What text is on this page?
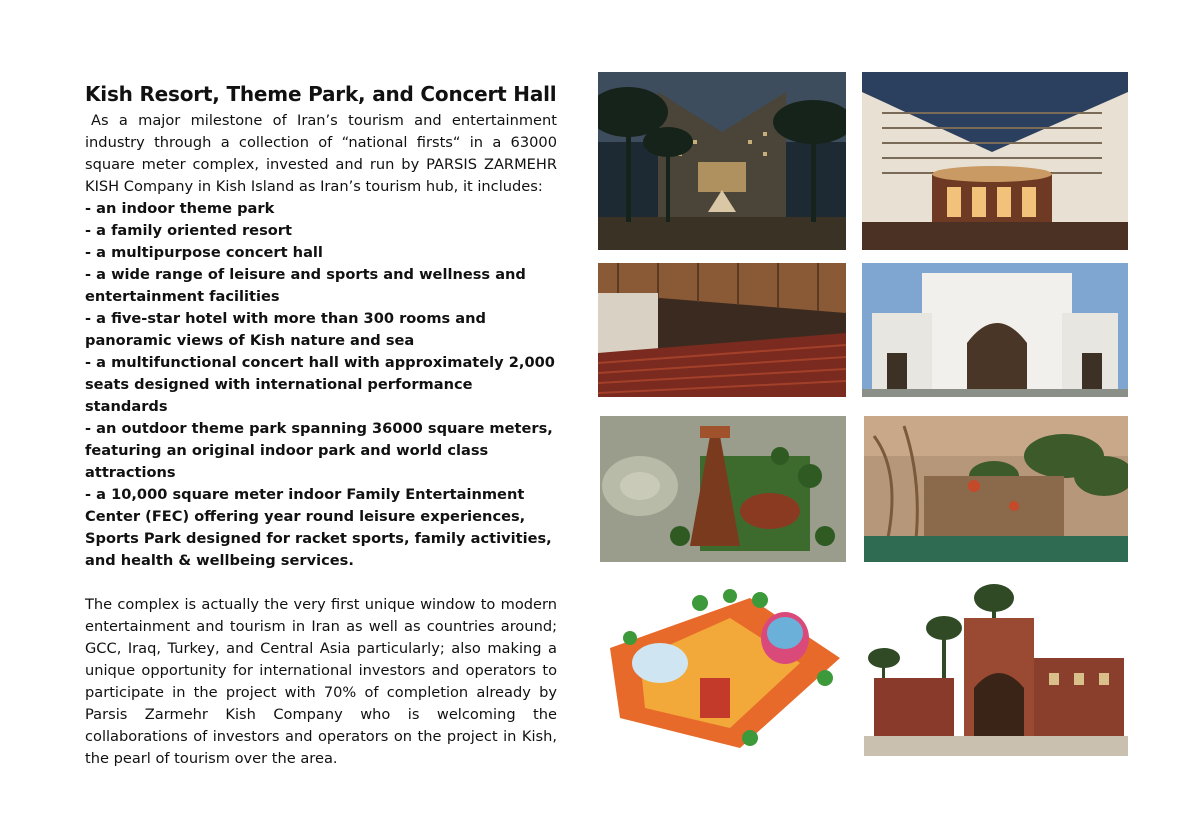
Kish Resort, Theme Park, and Concert Hall

As a major milestone of Iran’s tourism and entertainment industry through a collection of “national firsts“ in a 63000 square meter complex, invested and run by PARSIS ZARMEHR KISH Company in Kish Island as Iran’s tourism hub, it includes:

- an indoor theme park
- a family oriented resort
- a multipurpose concert hall
- a wide range of leisure and sports and wellness and entertainment facilities
- a five-star hotel with more than 300 rooms and panoramic views of Kish nature and sea
- a multifunctional concert hall with approximately 2,000 seats designed with international performance standards
- an outdoor theme park spanning 36000 square meters, featuring an original indoor park and world class attractions
- a 10,000 square meter indoor Family Entertainment Center (FEC) offering year round leisure experiences, Sports Park designed for racket sports, family activities, and health & wellbeing services.

The complex is actually the very first unique window to modern entertainment and tourism in Iran as well as countries around; GCC, Iraq, Turkey, and Central Asia particularly; also making a unique opportunity for international investors and operators to participate in the project with 70% of completion already by Parsis Zarmehr Kish Company who is welcoming the collaborations of investors and operators on the project in Kish, the pearl of tourism over the area.
